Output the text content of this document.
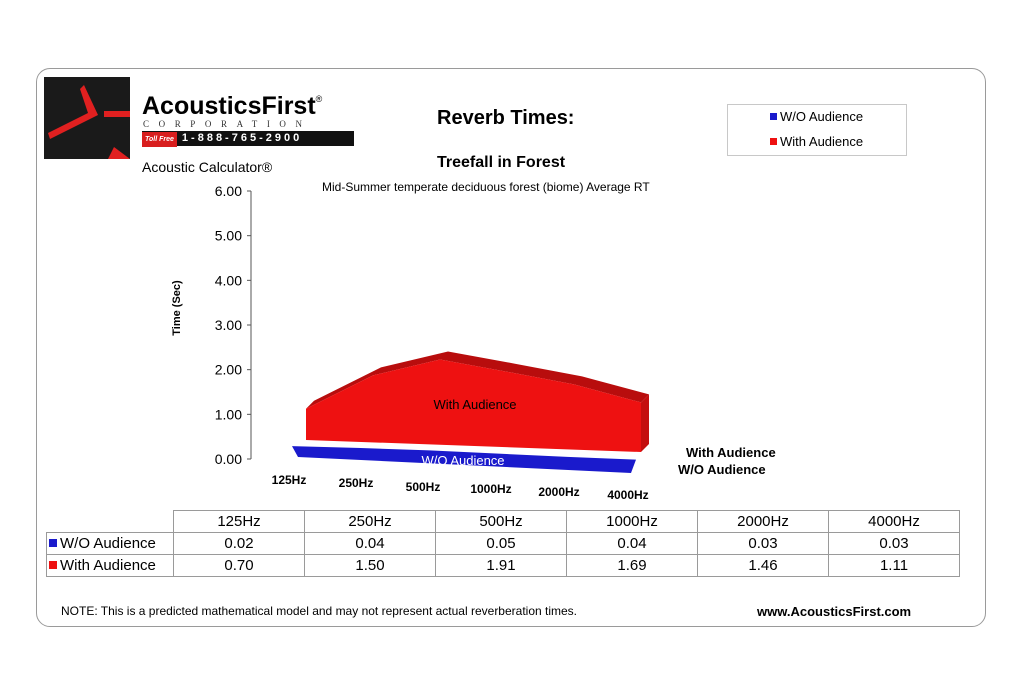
AcousticsFirst®
CORPORATION
Toll Free 1-888-765-2900
Acoustic Calculator®
Reverb Times:
Treefall in Forest
Mid-Summer temperate deciduous forest (biome) Average RT
W/O Audience
With Audience
0.00
1.00
2.00
3.00
4.00
5.00
6.00
Time (Sec)
W/O Audience
With Audience
125Hz	250Hz	500Hz 1000Hz 2000Hz 4000Hz
With Audience
W/O Audience
	125Hz	250Hz	500Hz	1000Hz	2000Hz	4000Hz
W/O Audience	0.02	0.04	0.05	0.04	0.03	0.03
With Audience	0.70	1.50	1.91	1.69	1.46	1.11
NOTE: This is a predicted mathematical model and may not represent actual reverberation times.	www.AcousticsFirst.com
